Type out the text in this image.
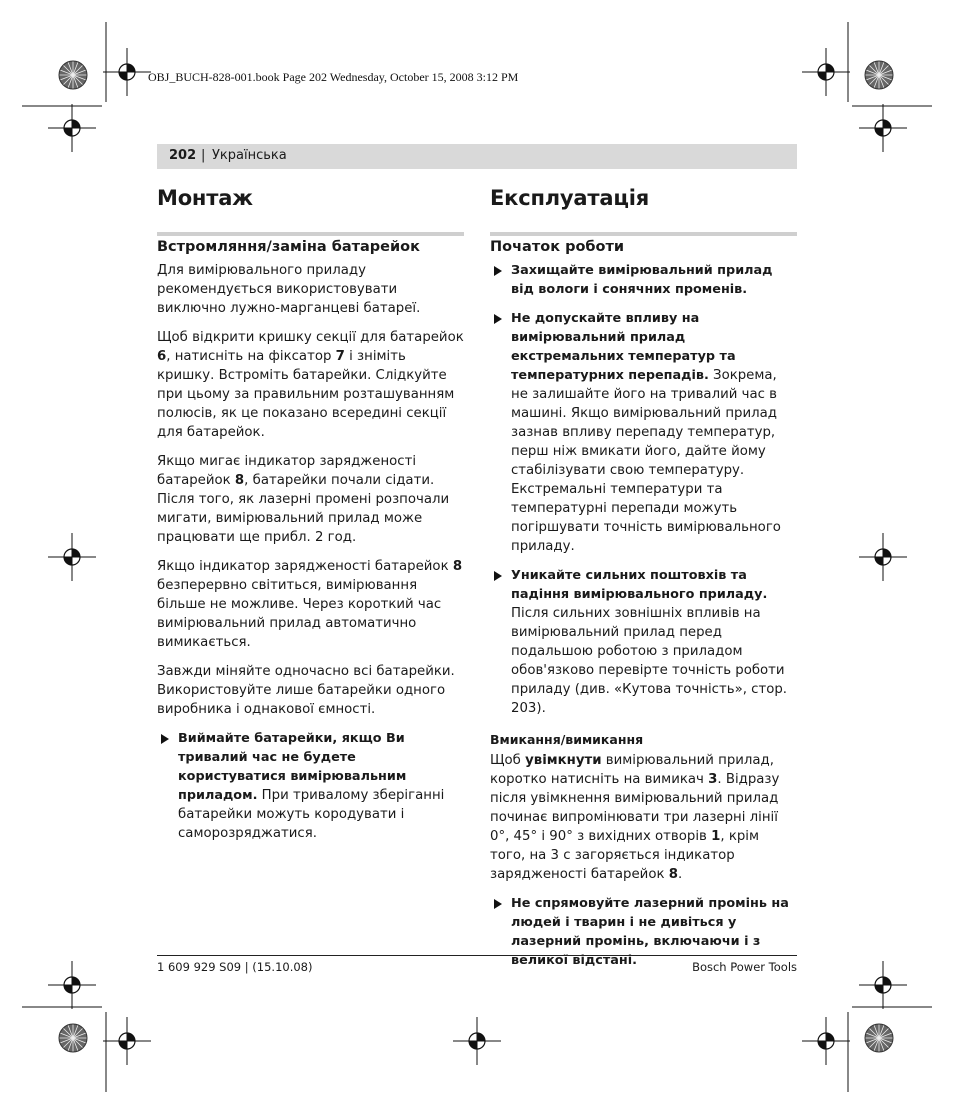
OBJ_BUCH-828-001.book Page 202 Wednesday, October 15, 2008 3:12 PM
202 | Українська
Монтаж
Встромляння/заміна батарейок

Для вимірювального приладу рекомендується використовувати виключно лужно-марганцеві батареї.

Щоб відкрити кришку секції для батарейок 6, натисніть на фіксатор 7 і зніміть кришку. Встроміть батарейки. Слідкуйте при цьому за правильним розташуванням полюсів, як це показано всередині секції для батарейок.

Якщо мигає індикатор зарядженості батарейок 8, батарейки почали сідати. Після того, як лазерні промені розпочали мигати, вимірювальний прилад може працювати ще прибл. 2 год.

Якщо індикатор зарядженості батарейок 8 безперервно світиться, вимірювання більше не можливе. Через короткий час вимірювальний прилад автоматично вимикається.

Завжди міняйте одночасно всі батарейки. Використовуйте лише батарейки одного виробника і однакової ємності.

Виймайте батарейки, якщо Ви тривалий час не будете користуватися вимірювальним приладом. При тривалому зберіганні батарейки можуть кородувати і саморозряджатися.

Експлуатація
Початок роботи

Захищайте вимірювальний прилад від вологи і сонячних променів.

Не допускайте впливу на вимірювальний прилад екстремальних температур та температурних перепадів. Зокрема, не залишайте його на тривалий час в машині. Якщо вимірювальний прилад зазнав впливу перепаду температур, перш ніж вмикати його, дайте йому стабілізувати свою температуру. Екстремальні температури та температурні перепади можуть погіршувати точність вимірювального приладу.

Уникайте сильних поштовхів та падіння вимірювального приладу. Після сильних зовнішніх впливів на вимірювальний прилад перед подальшою роботою з приладом обов'язково перевірте точність роботи приладу (див. «Кутова точність», стор. 203).

Вмикання/вимикання

Щоб увімкнути вимірювальний прилад, коротко натисніть на вимикач 3. Відразу після увімкнення вимірювальний прилад починає випромінювати три лазерні лінії 0°, 45° і 90° з вихідних отворів 1, крім того, на 3 с загоряється індикатор зарядженості батарейок 8.

Не спрямовуйте лазерний промінь на людей і тварин і не дивіться у лазерний промінь, включаючи і з великої відстані.

1 609 929 S09 | (15.10.08)	Bosch Power Tools
